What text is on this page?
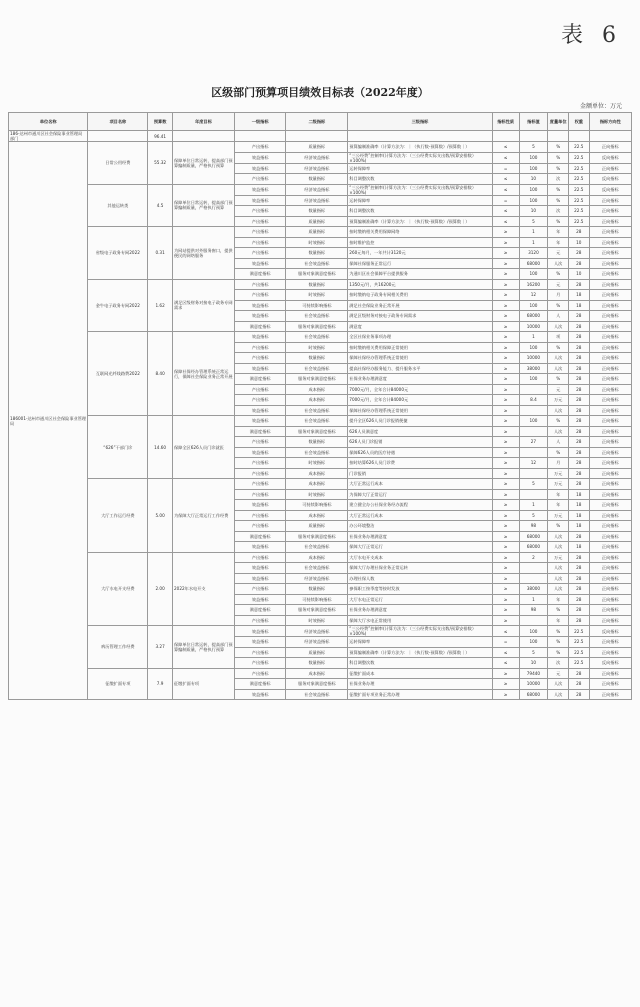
表 6
区级部门预算项目绩效目标表（2022年度）
金额单位：万元
单位名称	项目名称	预算数	年度目标	一级指标	二级指标	三级指标	指标性质	指标值	度量单位	权重	指标方向性
186-达州市通川区社会保险事业管理局部门		96.41									
186001-达州市通川区社会保险事业管理局	日常公用经费	55.32	保障单位日常运转，提高部门预算编制质量，严格执行预算	产出指标	质量指标	预算编制准确率（计算方法为：｜（执行数-预算数）/预算数｜）	≤	5	%	22.5	正向指标
				效益指标	经济效益指标	“三公经费”控制率(计算方法为：（三公经费实际支出数/预算安排数）×100%)	≤	100	%	22.5	反向指标
				效益指标	经济效益指标	运转保障率	=	100	%	22.5	正向指标
				产出指标	数量指标	科目调整次数	≤	10	次	22.5	反向指标
	其他运转类	4.5	保障单位日常运转，提高部门预算编制质量，严格执行预算	效益指标	经济效益指标	“三公经费”控制率(计算方法为：（三公经费实际支出数/预算安排数）×100%)	≤	100	%	22.5	反向指标
				效益指标	经济效益指标	运转保障率	=	100	%	22.5	正向指标
				产出指标	数量指标	科目调整次数	≤	10	次	22.5	正向指标
				产出指标	质量指标	预算编制准确率（计算方法为：｜（执行数-预算数）/预算数｜）	≤	5	%	22.5	正向指标
	省级电子政务专网2022	0.31	为网站提供对外服务窗口，提供便民的网络服务	产出指标	质量指标	按时缴纳相关费用保障网络	≥	1	年	28	正向指标
				产出指标	时效指标	按时维护监控	≥	1	年	10	正向指标
				产出指标	数量指标	260元每月，一年共计3120元	≥	3120	元	28	正向指标
				效益指标	社会效益指标	保障社保服务正常运行	≥	68000	人次	28	正向指标
				满意度指标	服务对象满意度指标	为通川区社会保障平台提供服务	≥	100	%	10	正向指标
	金牛电子政务专网2022	1.62	满足区级财务对接电子政务专网需求	产出指标	数量指标	1350元/月，共16200元	≥	16200	元	28	正向指标
				产出指标	时效指标	按时缴纳电子政务专网相关费用	≥	12	月	18	正向指标
				效益指标	可持续影响指标	满足社会保险业务正常开展	≥	100	%	18	正向指标
				效益指标	社会效益指标	满足区级财务对接电子政务专网需求	≥	68000	人	28	正向指标
				满意度指标	服务对象满意度指标	满意度	≥	10000	人次	28	正向指标
	互联网光纤线路费2022	8.40	保障社保经办管理系统正常运行，保障社会保险业务正常开展	效益指标	社会效益指标	全区社保业务事项办理	≥	1	项	28	正向指标
				产出指标	时效指标	按时缴纳相关费用保障正常使用	≥	100	%	28	正向指标
				产出指标	数量指标	保障社保经办管理系统正常使用	≥	10000	人次	28	正向指标
				效益指标	社会效益指标	提高社保经办服务能力、提升服务水平	≥	38000	人次	28	正向指标
				满意度指标	服务对象满意度指标	社保业务办理满意度	≥	100	%	28	正向指标
				产出指标	成本指标	7000元/月，全年合计84000元	≥		元	28	正向指标
				产出指标	成本指标	7000元/月，全年合计84000元	≥	8.4	万元	28	正向指标
				效益指标	社会效益指标	保障社保经办管理系统正常使用	≥		人次	28	正向指标
	“626”干部门诊	14.60	保障全区626人员门诊就医	效益指标	社会效益指标	提升全区626人员门诊报销便捷	≥	100	%	28	正向指标
				满意度指标	服务对象满意度指标	626人员满意度	≥		人次	28	正向指标
				产出指标	数量指标	626人员门诊报销	≥	27	人	28	正向指标
				效益指标	社会效益指标	保障626人员的医疗待遇	≥		%	28	正向指标
				产出指标	时效指标	按时结算626人员门诊费	≥	12	月	28	正向指标
				产出指标	成本指标	门诊报销	≥		万元	28	正向指标
	大厅工作运行经费	5.00	为保障大厅正常运行工作经费	产出指标	成本指标	大厅正常运行成本	≥	5	万元	28	正向指标
				产出指标	时效指标	为保障大厅正常运行	≥		年	18	正向指标
				效益指标	可持续影响指标	建立健全办公社保业务经办流程	≥	1	年	18	正向指标
				产出指标	成本指标	大厅正常运行成本	≥	5	万元	18	正向指标
				产出指标	质量指标	办公环境整洁	≥	98	%	18	正向指标
				满意度指标	服务对象满意度指标	社保业务办理满意度	≥	68000	人次	28	正向指标
				效益指标	社会效益指标	保障大厅正常运行	≥	68000	人次	18	正向指标
	大厅水电开支经费	2.00	2022年水电开支	产出指标	成本指标	大厅水电开支成本	≥	2	万元	28	正向指标
				效益指标	社会效益指标	保障大厅办理社保业务正常运转	≥		人次	28	正向指标
				效益指标	经济效益指标	办理社保人数	≥		人次	28	正向指标
				产出指标	数量指标	参保职工按季度等按时发放	≥	38000	人次	28	正向指标
				效益指标	可持续影响指标	大厅水电正常运行	≥	1	年	28	正向指标
				满意度指标	服务对象满意度指标	社保业务办理满意度	≥	98	%	28	正向指标
				产出指标	时效指标	保障大厅水电正常使用	≥		年	28	正向指标
	病历管理工作经费	3.27	保障单位日常运转，提高部门预算编制质量，严格执行预算	效益指标	经济效益指标	“三公经费”控制率(计算方法为：（三公经费实际支出数/预算安排数）×100%)	≤	100	%	22.5	反向指标
				效益指标	经济效益指标	运转保障率	=	100	%	22.5	正向指标
				产出指标	质量指标	预算编制准确率（计算方法为：｜（执行数-预算数）/预算数｜）	≤	5	%	22.5	正向指标
				产出指标	数量指标	科目调整次数	≤	10	次	22.5	反向指标
	征缴扩面专项	7.9	征缴扩面专项	产出指标	成本指标	征缴扩面成本	≥	79440	元	28	正向指标
				满意度指标	服务对象满意度指标	社保业务办理	≥	10000	人次	28	正向指标
				效益指标	社会效益指标	征缴扩面专项业务正常办理	≥	68000	人次	28	正向指标
